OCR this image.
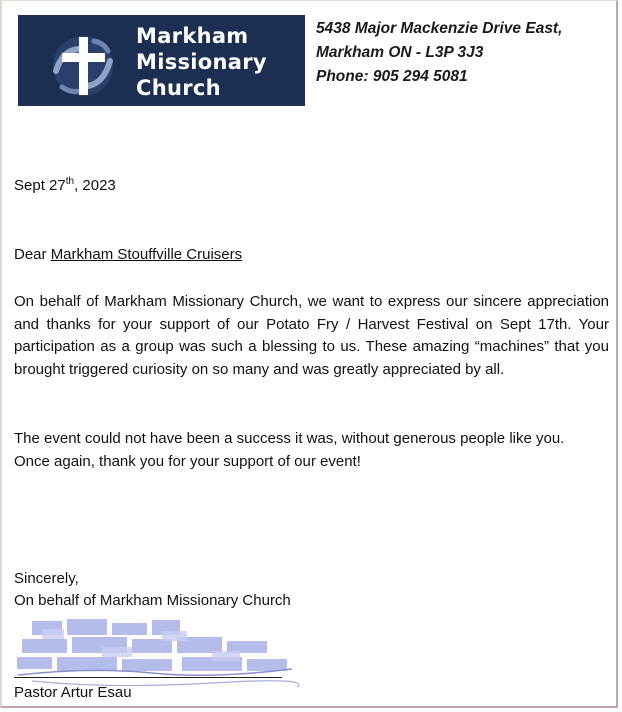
Markham
Missionary
Church
5438 Major Mackenzie Drive East,
Markham ON - L3P 3J3
Phone: 905 294 5081
Sept 27th, 2023
Dear Markham Stouffville Cruisers
On behalf of Markham Missionary Church, we want to express our sincere appreciation and thanks for your support of our Potato Fry / Harvest Festival on Sept 17th. Your participation as a group was such a blessing to us. These amazing “machines” that you brought triggered curiosity on so many and was greatly appreciated by all.
The event could not have been a success it was, without generous people like you.
Once again, thank you for your support of our event!
Sincerely,
On behalf of Markham Missionary Church
Pastor Artur Esau
